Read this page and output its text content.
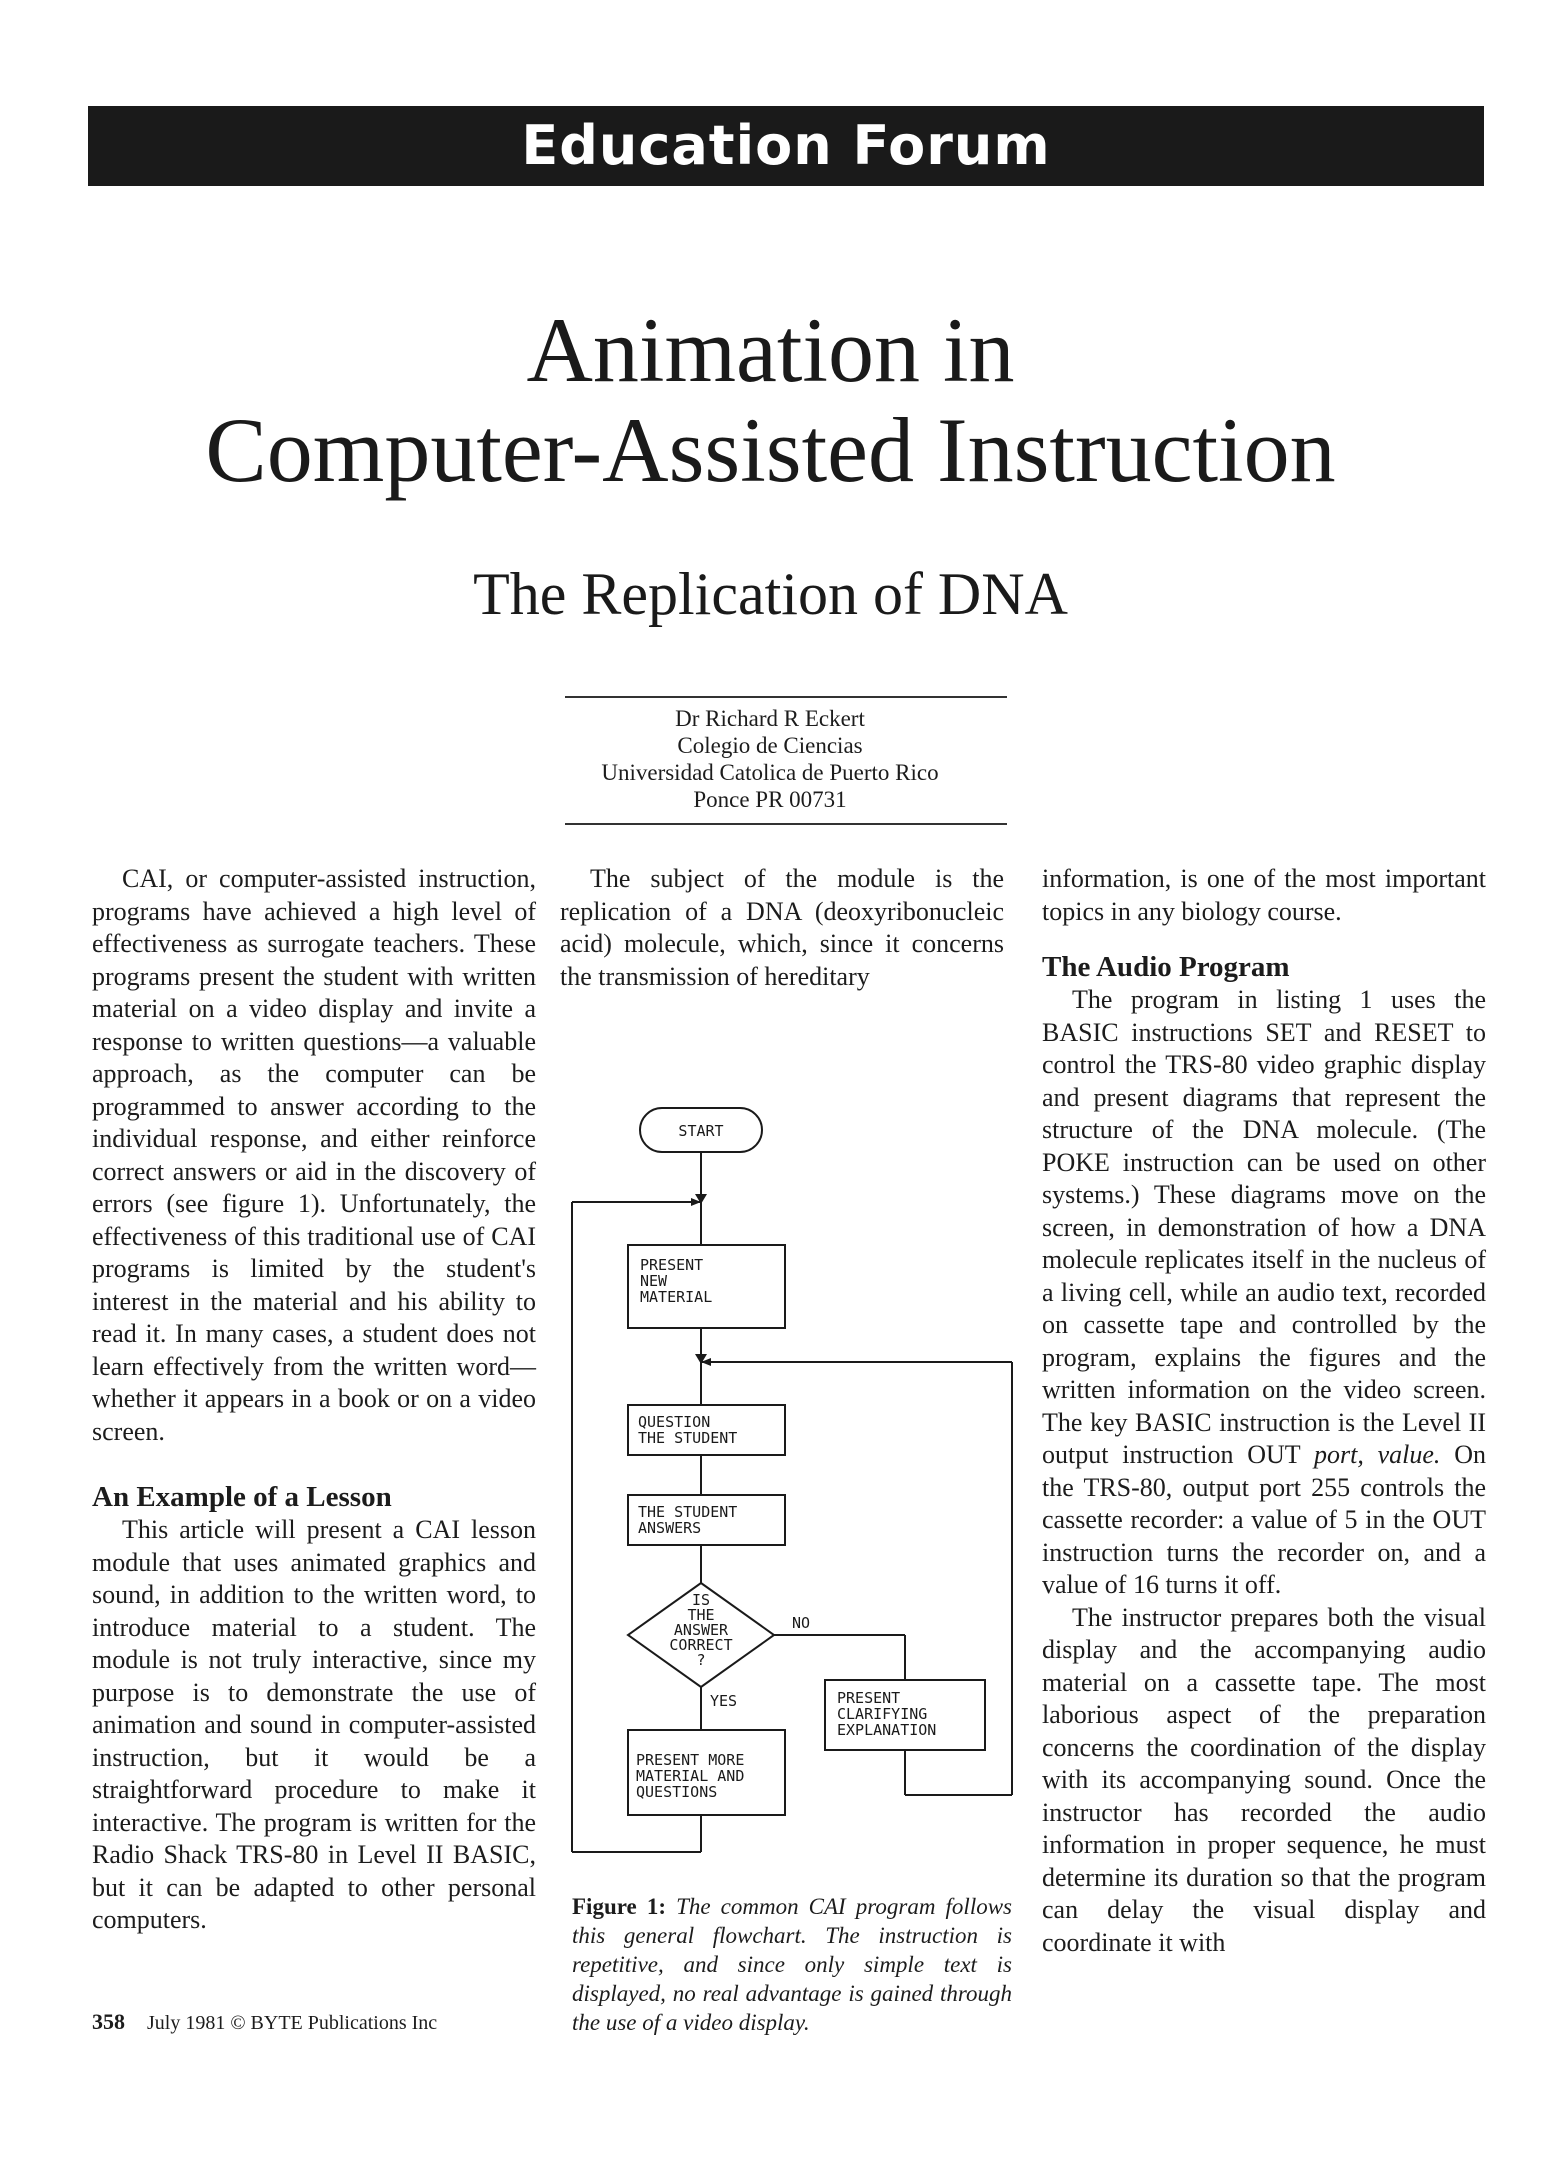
Education Forum
Animation in
Computer-Assisted Instruction
The Replication of DNA
Dr Richard R Eckert
Colegio de Ciencias
Universidad Catolica de Puerto Rico
Ponce PR 00731

CAI, or computer-assisted instruction, programs have achieved a high level of effectiveness as surrogate teachers. These programs present the student with written material on a video display and invite a response to written questions—a valuable approach, as the computer can be programmed to answer according to the individual response, and either reinforce correct answers or aid in the discovery of errors (see figure 1). Unfortunately, the effectiveness of this traditional use of CAI programs is limited by the student's interest in the material and his ability to read it. In many cases, a student does not learn effectively from the written word—whether it appears in a book or on a video screen.

An Example of a Lesson

This article will present a CAI lesson module that uses animated graphics and sound, in addition to the written word, to introduce material to a student. The module is not truly interactive, since my purpose is to demonstrate the use of animation and sound in computer-assisted instruction, but it would be a straightforward procedure to make it interactive. The program is written for the Radio Shack TRS-80 in Level II BASIC, but it can be adapted to other personal computers.

The subject of the module is the replication of a DNA (deoxyribonucleic acid) molecule, which, since it concerns the transmission of hereditary

START
PRESENT
NEW
MATERIAL
QUESTION
THE STUDENT
THE STUDENT
ANSWERS
IS
THE
ANSWER
CORRECT
?
NO
YES	PRESENT
CLARIFYING
EXPLANATION
PRESENT MORE
MATERIAL AND
QUESTIONS
Figure 1: The common CAI program follows this general flowchart. The instruction is repetitive, and since only simple text is displayed, no real advantage is gained through the use of a video display.

information, is one of the most important topics in any biology course.

The Audio Program

The program in listing 1 uses the BASIC instructions SET and RESET to control the TRS-80 video graphic display and present diagrams that represent the structure of the DNA molecule. (The POKE instruction can be used on other systems.) These diagrams move on the screen, in demonstration of how a DNA molecule replicates itself in the nucleus of a living cell, while an audio text, recorded on cassette tape and controlled by the program, explains the figures and the written information on the video screen. The key BASIC instruction is the Level II output instruction OUT port, value. On the TRS-80, output port 255 controls the cassette recorder: a value of 5 in the OUT instruction turns the recorder on, and a value of 16 turns it off.

The instructor prepares both the visual display and the accompanying audio material on a cassette tape. The most laborious aspect of the preparation concerns the coordination of the display with its accompanying sound. Once the instructor has recorded the audio information in proper sequence, he must determine its duration so that the program can delay the visual display and coordinate it with

358 July 1981 © BYTE Publications Inc
